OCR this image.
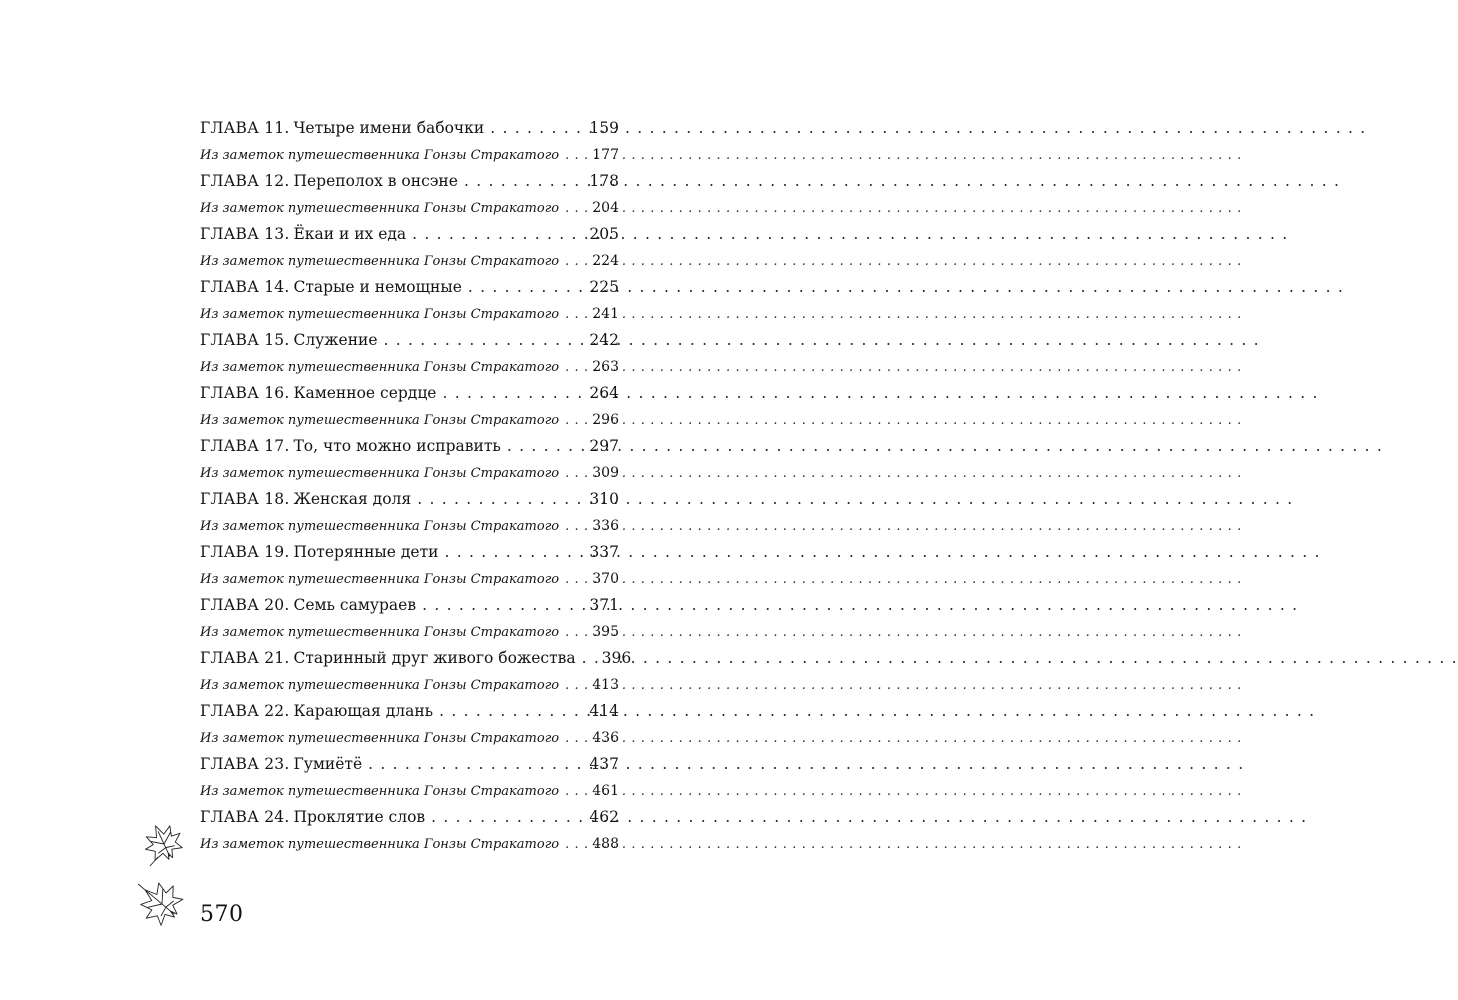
ГЛАВА 11. Четыре имени бабочки . . .	159
Из заметок путешественника Гонзы Стракатого . . . 177
ГЛАВА 12. Переполох в онсэне . . .	178
Из заметок путешественника Гонзы Стракатого . . . 204
ГЛАВА 13. Ёкаи и их еда . . .	205
Из заметок путешественника Гонзы Стракатого . . . 224
ГЛАВА 14. Старые и немощные . . .	225
Из заметок путешественника Гонзы Стракатого . . . 241
ГЛАВА 15. Служение . . .	242
Из заметок путешественника Гонзы Стракатого . . . 263
ГЛАВА 16. Каменное сердце . . .	264
Из заметок путешественника Гонзы Стракатого . . . 296
ГЛАВА 17. То, что можно исправить . . .	297
Из заметок путешественника Гонзы Стракатого . . . 309
ГЛАВА 18. Женская доля . . .	310
Из заметок путешественника Гонзы Стракатого . . . 336
ГЛАВА 19. Потерянные дети . . .	337
Из заметок путешественника Гонзы Стракатого . . . 370
ГЛАВА 20. Семь самураев . . .	371
Из заметок путешественника Гонзы Стракатого . . . 395
ГЛАВА 21. Старинный друг живого божества . . . 396
Из заметок путешественника Гонзы Стракатого . . . 413
ГЛАВА 22. Карающая длань . . .	414
Из заметок путешественника Гонзы Стракатого . . . 436
ГЛАВА 23. Гумиётё . . .	437
Из заметок путешественника Гонзы Стракатого . . . 461
ГЛАВА 24. Проклятие слов . . .	462
Из заметок путешественника Гонзы Стракатого . . . 488
570
